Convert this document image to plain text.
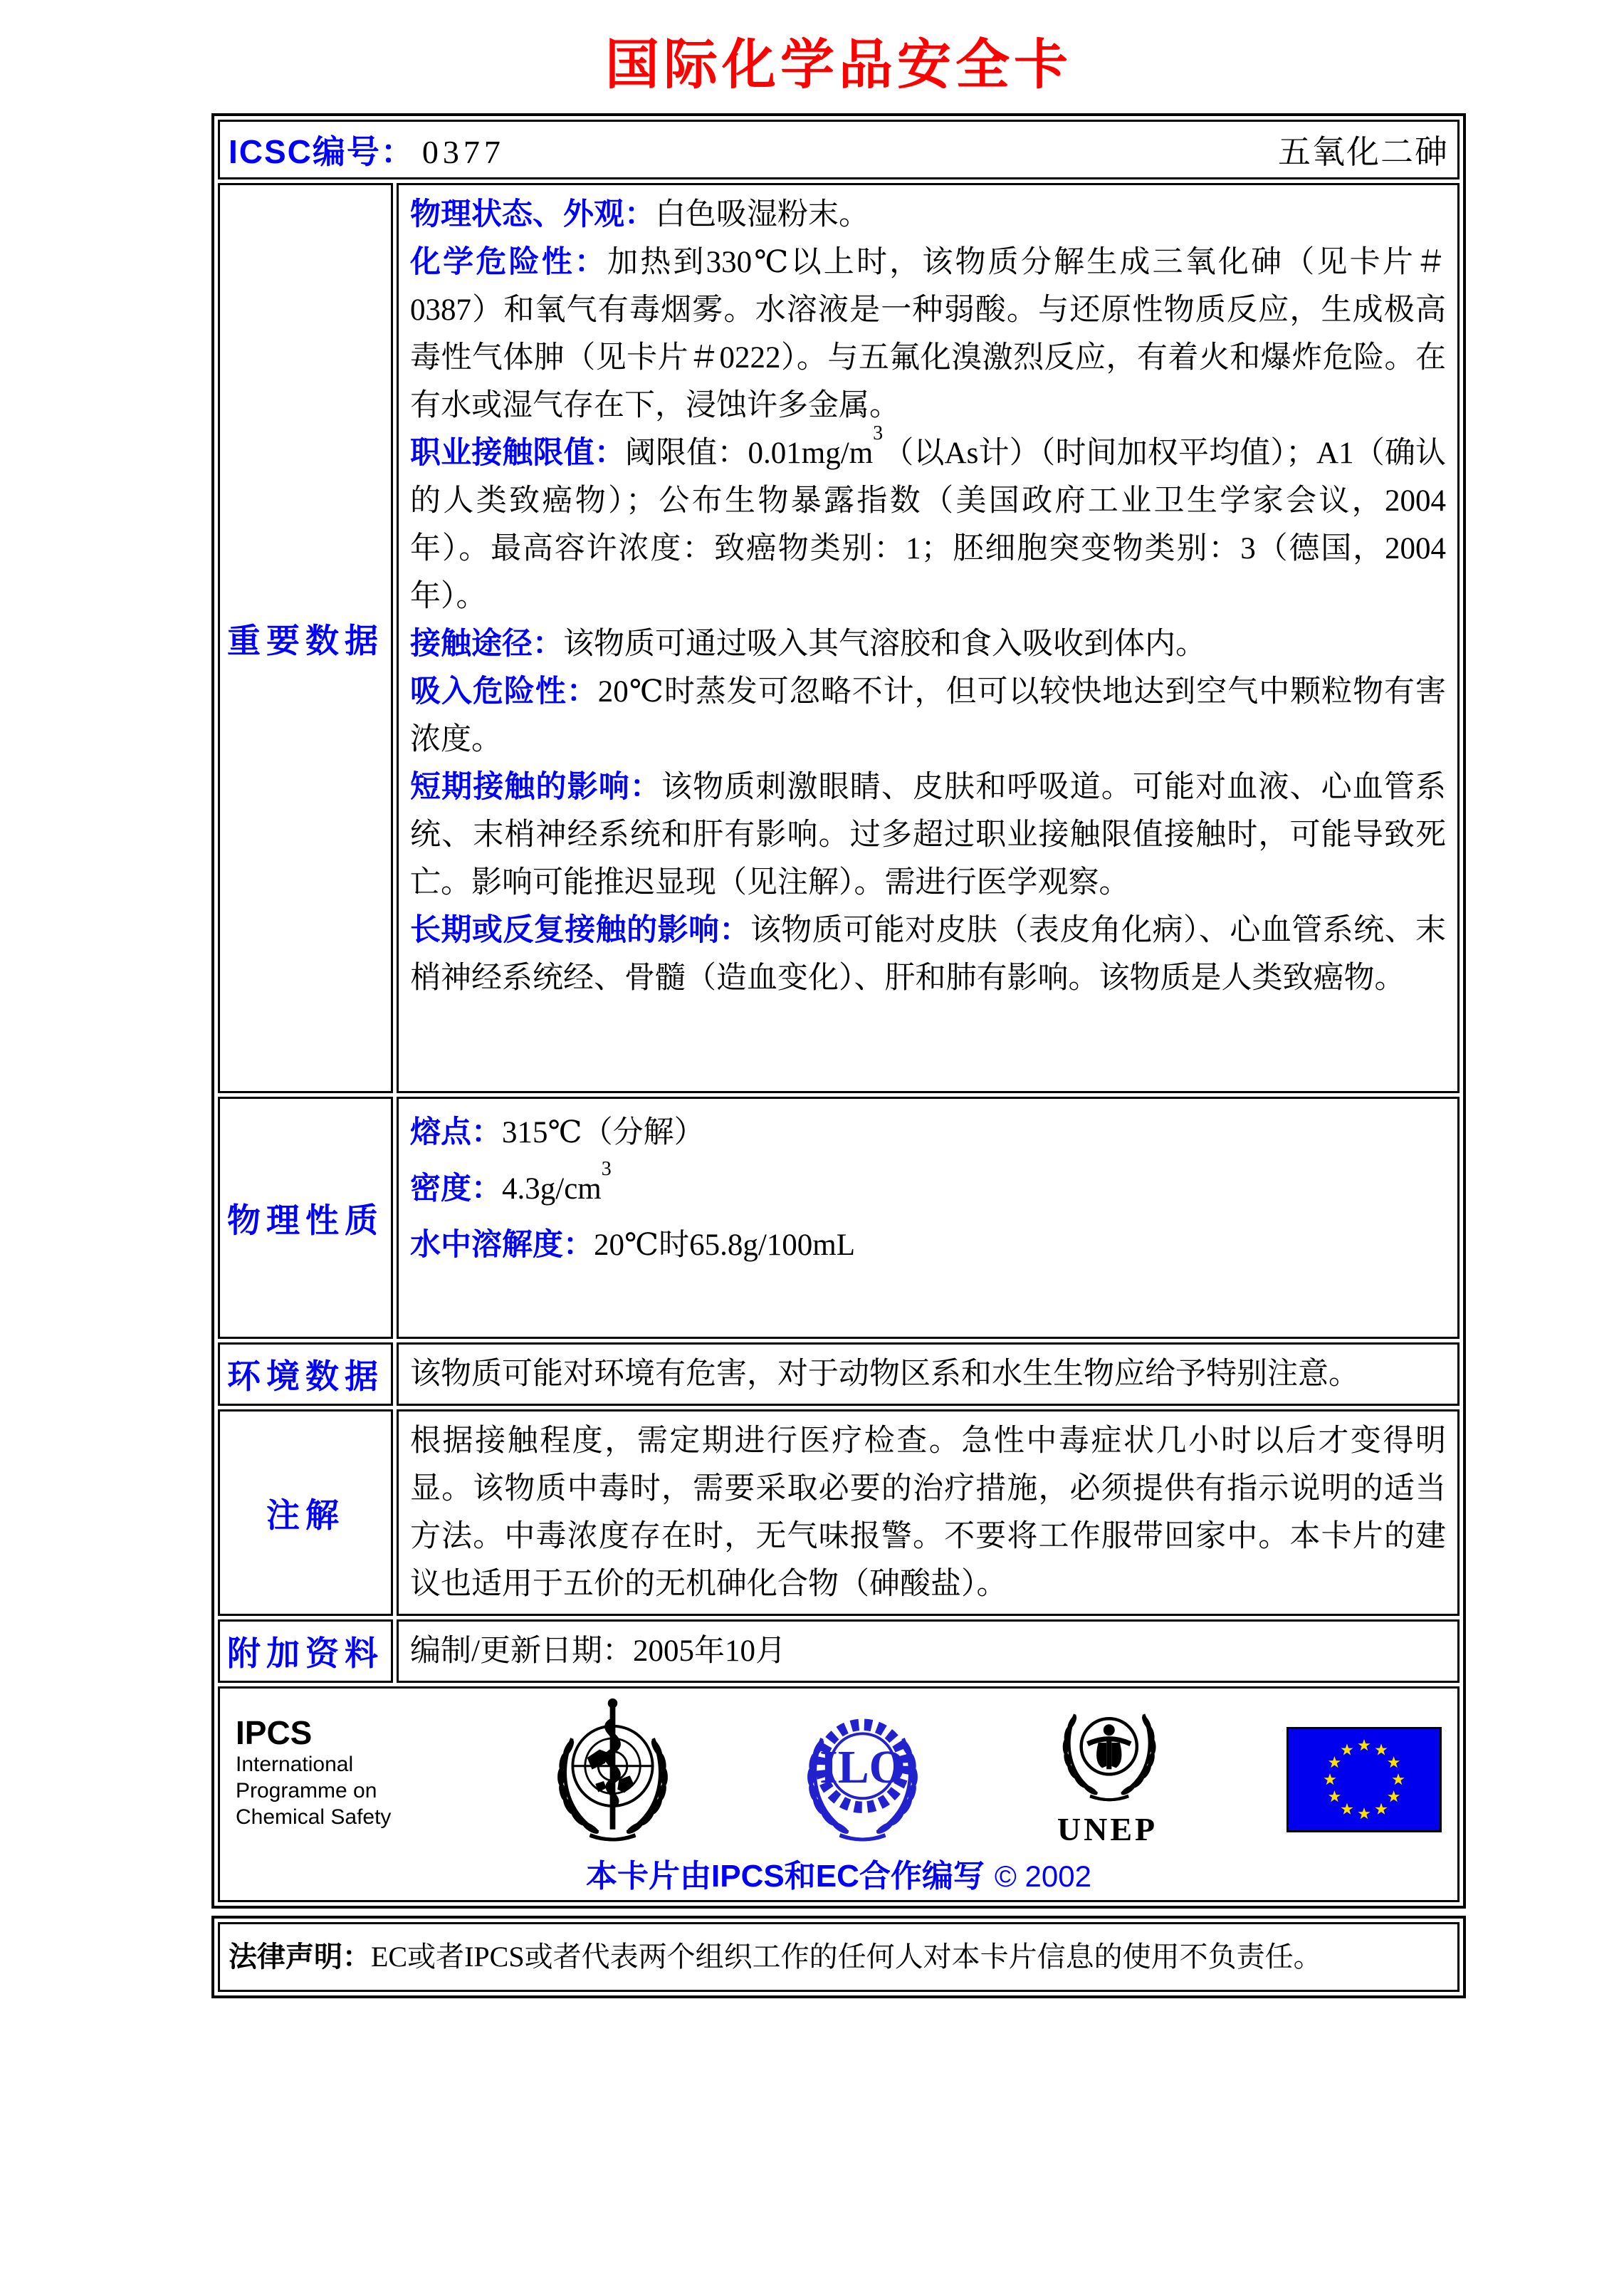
国际化学品安全卡
ICSC编号： 0377 五氧化二砷	

重要数据	
物理状态、外观：白色吸湿粉末。
化学危险性：加热到330℃以上时，该物质分解生成三氧化砷（见卡片＃0387）和氧气有毒烟雾。水溶液是一种弱酸。与还原性物质反应，生成极高毒性气体胂（见卡片＃0222）。与五氟化溴激烈反应，有着火和爆炸危险。在有水或湿气存在下，浸蚀许多金属。
职业接触限值：阈限值：$0.01mg/m^3$（以As计）（时间加权平均值）；A1（确认的人类致癌物）；公布生物暴露指数（美国政府工业卫生学家会议，2004年）。最高容许浓度：致癌物类别：1；胚细胞突变物类别：3（德国，2004年）。
接触途径：该物质可通过吸入其气溶胶和食入吸收到体内。
吸入危险性：20℃时蒸发可忽略不计，但可以较快地达到空气中颗粒物有害浓度。
短期接触的影响：该物质刺激眼睛、皮肤和呼吸道。可能对血液、心血管系统、末梢神经系统和肝有影响。过多超过职业接触限值接触时，可能导致死亡。影响可能推迟显现（见注解）。需进行医学观察。
长期或反复接触的影响：该物质可能对皮肤（表皮角化病）、心血管系统、末梢神经系统经、骨髓（造血变化）、肝和肺有影响。该物质是人类致癌物。

物理性质	熔点：315℃（分解）
密度：$4.3g/cm^3$
水中溶解度：20℃时65.8g/100mL

环境数据	该物质可能对环境有危害，对于动物区系和水生生物应给予特别注意。
注解	根据接触程度，需定期进行医疗检查。急性中毒症状几小时以后才变得明显。该物质中毒时，需要采取必要的治疗措施，必须提供有指示说明的适当方法。中毒浓度存在时，无气味报警。不要将工作服带回家中。本卡片的建议也适用于五价的无机砷化合物（砷酸盐）。
附加资料	编制/更新日期：2005年10月

IPCS
International
Programme on
Chemical Safety
ILO
UNEP
本卡片由IPCS和EC合作编写 © 2002
法律声明：EC或者IPCS或者代表两个组织工作的任何人对本卡片信息的使用不负责任。
